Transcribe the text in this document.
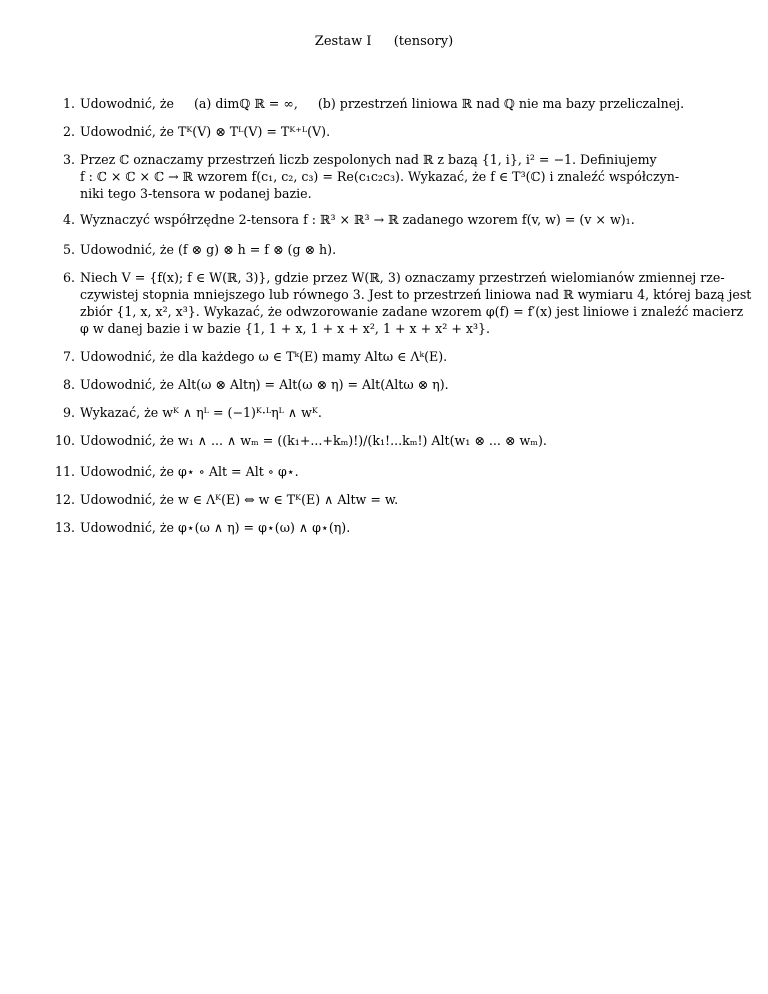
Zestaw I (tensory)
1. Udowodnić, że     (a) dimℚ ℝ = ∞,     (b) przestrzeń liniowa ℝ nad ℚ nie ma bazy przeliczalnej.
2. Udowodnić, że Tᴷ(V) ⊗ Tᴸ(V) = Tᴷ⁺ᴸ(V).
3. Przez ℂ oznaczamy przestrzeń liczb zespolonych nad ℝ z bazą {1, i}, i² = −1. Definiujemy
f : ℂ × ℂ × ℂ → ℝ wzorem f(c₁, c₂, c₃) = Re(c₁c₂c₃). Wykazać, że f ∈ T³(ℂ) i znaleźć współczyn-
niki tego 3-tensora w podanej bazie.
4. Wyznaczyć współrzędne 2-tensora f : ℝ³ × ℝ³ → ℝ zadanego wzorem f(v, w) = (v × w)₁.
5. Udowodnić, że (f ⊗ g) ⊗ h = f ⊗ (g ⊗ h).
6. Niech V = {f(x); f ∈ W(ℝ, 3)}, gdzie przez W(ℝ, 3) oznaczamy przestrzeń wielomianów zmiennej rze-
czywistej stopnia mniejszego lub równego 3. Jest to przestrzeń liniowa nad ℝ wymiaru 4, której bazą jest
zbiór {1, x, x², x³}. Wykazać, że odwzorowanie zadane wzorem φ(f) = f′(x) jest liniowe i znaleźć macierz
φ w danej bazie i w bazie {1, 1 + x, 1 + x + x², 1 + x + x² + x³}.
7. Udowodnić, że dla każdego ω ∈ Tᵏ(E) mamy Altω ∈ Λᵏ(E).
8. Udowodnić, że Alt(ω ⊗ Altη) = Alt(ω ⊗ η) = Alt(Altω ⊗ η).
9. Wykazać, że wᴷ ∧ ηᴸ = (−1)ᴷ·ᴸηᴸ ∧ wᴷ.
10. Udowodnić, że w₁ ∧ ... ∧ wₘ = ((k₁+...+kₘ)!)/(k₁!...kₘ!) Alt(w₁ ⊗ ... ⊗ wₘ).
11. Udowodnić, że φ⋆ ∘ Alt = Alt ∘ φ⋆.
12. Udowodnić, że w ∈ Λᴷ(E) ⇔ w ∈ Tᴷ(E) ∧ Altw = w.
13. Udowodnić, że φ⋆(ω ∧ η) = φ⋆(ω) ∧ φ⋆(η).
